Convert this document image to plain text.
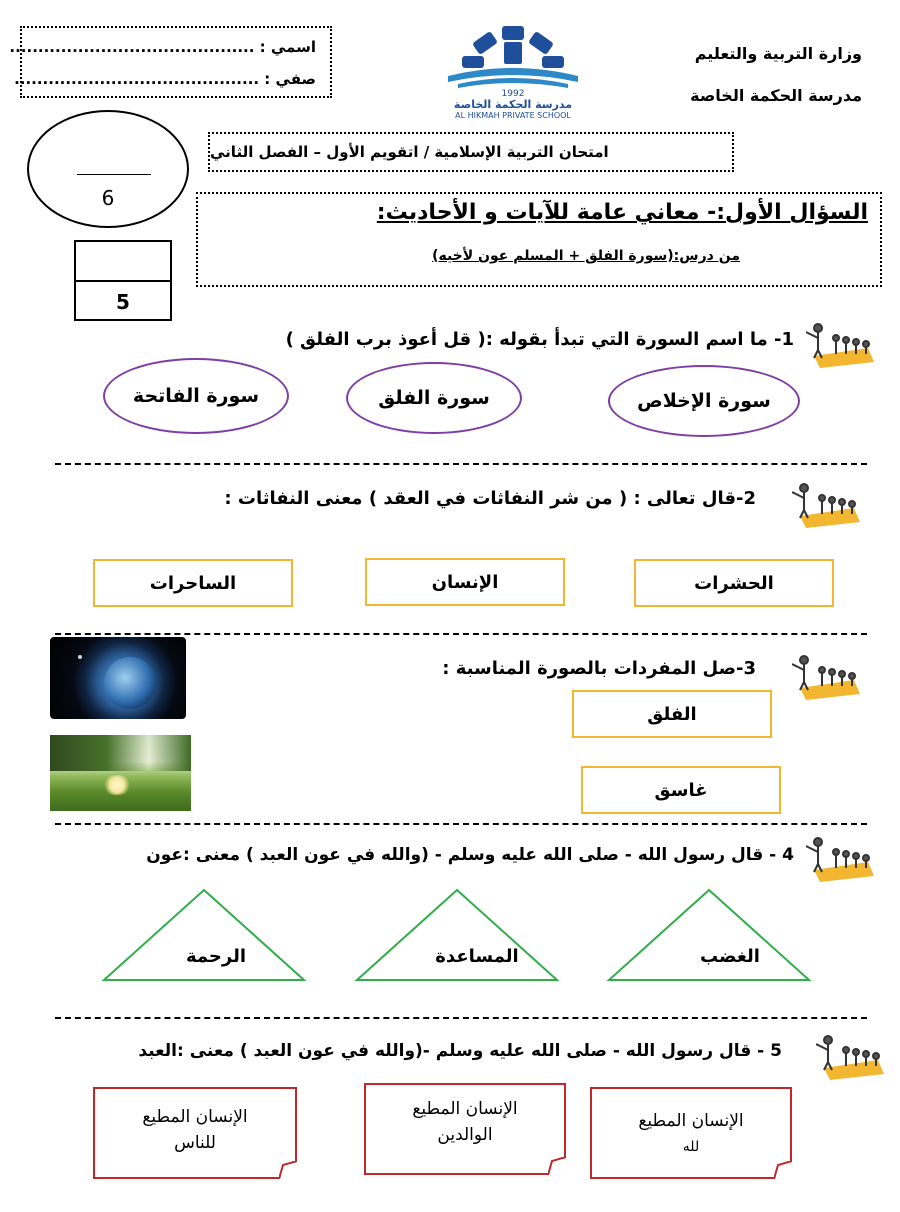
اسمي : ...........................................
صفي : ...........................................
1992
مدرسة الحكمة الخاصة
AL HIKMAH PRIVATE SCHOOL
وزارة التربية والتعليم
مدرسة الحكمة الخاصة
6
امتحان التربية الإسلامية / اتقويم الأول – الفصل الثاني
السؤال الأول:- معاني عامة للآيات و الأحاديث:
من درس:(سورة الفلق + المسلم عون لأخيه)
5
1- ما اسم السورة التي تبدأ بقوله :( قل أعوذ برب الفلق )
سورة الإخلاص
سورة الفلق
سورة الفاتحة
2-قال تعالى : ( من شر النفاثات في العقد ) معنى النفاثات :
الحشرات
الإنسان
الساحرات
3-صل المفردات بالصورة المناسبة :
الفلق
غاسق
4 - قال رسول الله - صلى الله عليه وسلم - (والله في عون العبد ) معنى :عون
الغضب
المساعدة
الرحمة
5 - قال رسول الله - صلى الله عليه وسلم -(والله في عون العبد ) معنى :العبد
الإنسان المطيع
لله
الإنسان المطيع
الوالدين
الإنسان المطيع
للناس
